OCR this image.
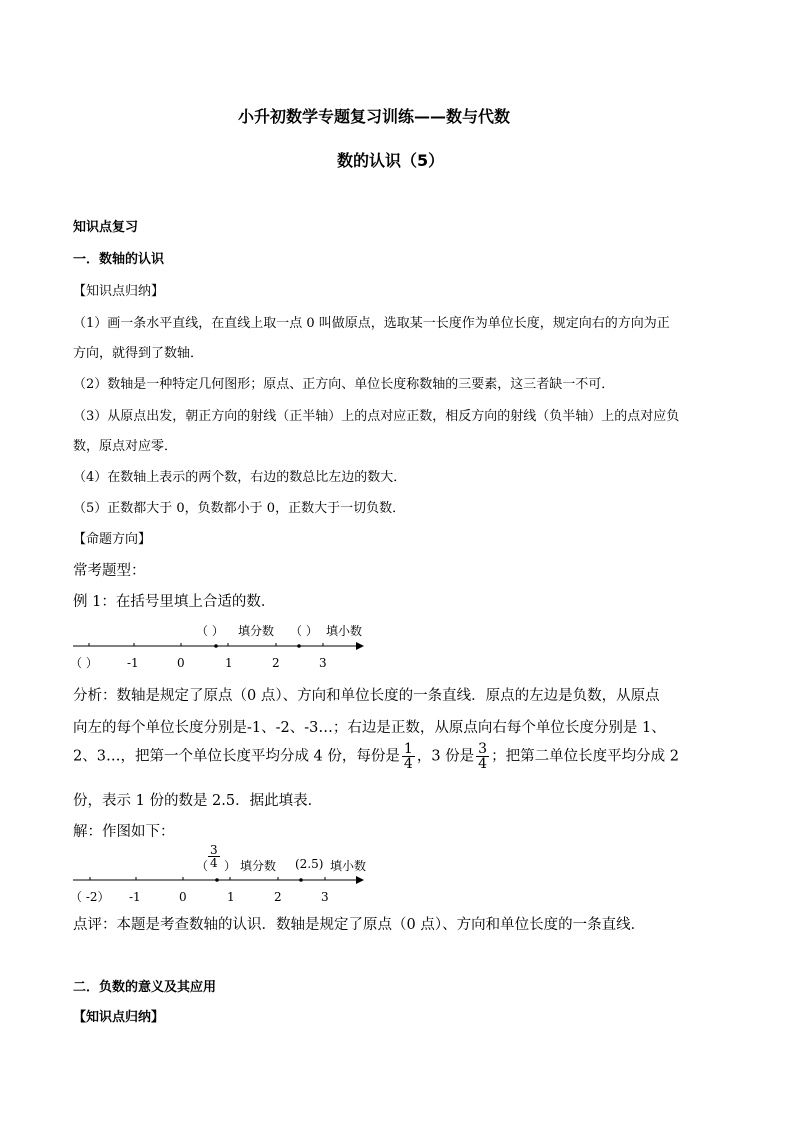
小升初数学专题复习训练——数与代数
数的认识（5）
知识点复习
一．数轴的认识
【知识点归纳】
（1）画一条水平直线，在直线上取一点 0 叫做原点，选取某一长度作为单位长度，规定向右的方向为正
方向，就得到了数轴．
（2）数轴是一种特定几何图形；原点、正方向、单位长度称数轴的三要素，这三者缺一不可．
（3）从原点出发，朝正方向的射线（正半轴）上的点对应正数，相反方向的射线（负半轴）上的点对应负
数，原点对应零．
（4）在数轴上表示的两个数，右边的数总比左边的数大．
（5）正数都大于 0，负数都小于 0，正数大于一切负数．
【命题方向】
常考题型：
例 1：在括号里填上合适的数．
（ ） 填分数 （ ） 填小数
（ ） -1	0	1	2	3
分析：数轴是规定了原点（0 点）、方向和单位长度的一条直线．原点的左边是负数，从原点
向左的每个单位长度分别是-1、-2、-3…；右边是正数，从原点向右每个单位长度分别是 1、
2、3…，把第一个单位长度平均分成 4 份，每份是 $\frac{1}{4}$ ，3 份是 $\frac{3}{4}$ ；把第二单位长度平均分成 2
份，表示 1 份的数是 2.5．据此填表．
解：作图如下：
（ $\frac{3}{4}$ ） 填分数 (2.5) 填小数
（ -2） -1	0	1	2	3
点评：本题是考查数轴的认识．数轴是规定了原点（0 点）、方向和单位长度的一条直线．
二．负数的意义及其应用
【知识点归纳】
